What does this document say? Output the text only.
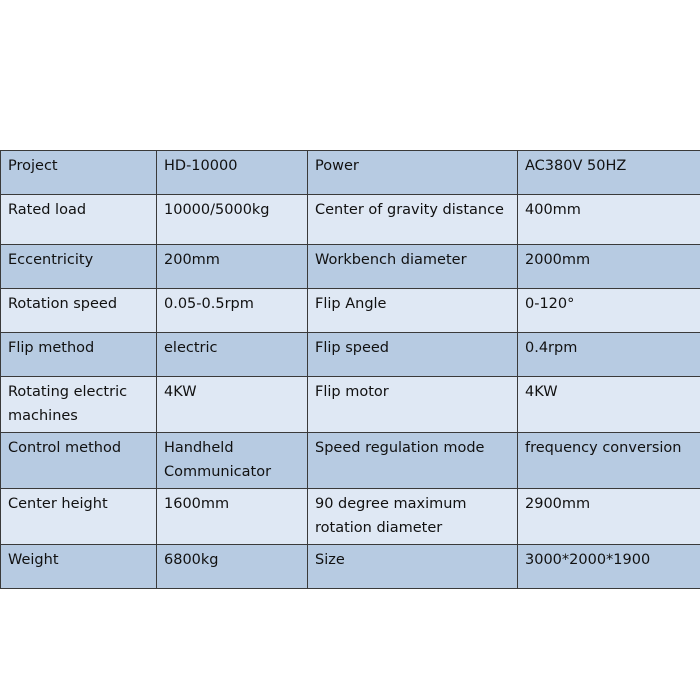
Project	HD-10000	Power	AC380V 50HZ
Rated load	10000/5000kg	Center of gravity distance	400mm
Eccentricity	200mm	Workbench diameter	2000mm
Rotation speed	0.05-0.5rpm	Flip Angle	0-120°
Flip method	electric	Flip speed	0.4rpm
Rotating electric machines	4KW	Flip motor	4KW
Control method	Handheld Communicator	Speed regulation mode	frequency conversion
Center height	1600mm	90 degree maximum rotation diameter	2900mm
Weight	6800kg	Size	3000*2000*1900
